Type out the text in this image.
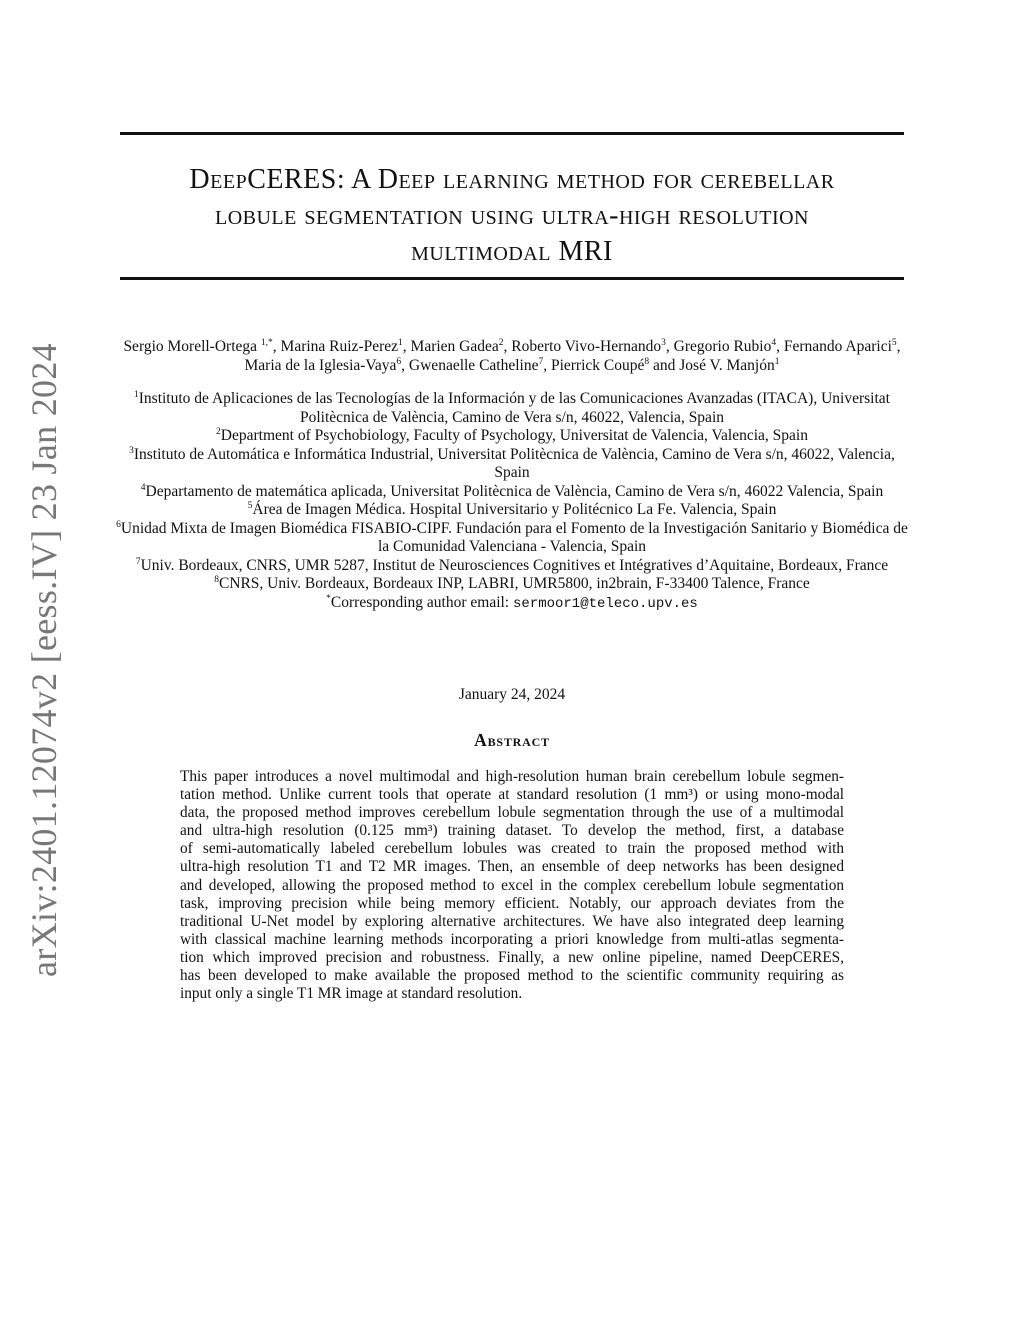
DeepCERES: A Deep learning method for cerebellar
lobule segmentation using ultra-high resolution
multimodal MRI
arXiv:2401.12074v2 [eess.IV] 23 Jan 2024	Sergio Morell-Ortega $^{1,*}$, Marina Ruiz-Perez$^1$, Marien Gadea$^2$, Roberto Vivo-Hernando$^3$, Gregorio Rubio$^4$, Fernando Aparici$^5$, Maria de la Iglesia-Vaya$^6$, Gwenaelle Catheline$^7$, Pierrick Coupé$^8$ and José V. Manjón$^1$

$^1$Instituto de Aplicaciones de las Tecnologías de la Información y de las Comunicaciones Avanzadas (ITACA), Universitat Politècnica de València, Camino de Vera s/n, 46022, Valencia, Spain

$^2$Department of Psychobiology, Faculty of Psychology, Universitat de Valencia, Valencia, Spain

$^3$Instituto de Automática e Informática Industrial, Universitat Politècnica de València, Camino de Vera s/n, 46022, Valencia, Spain

$^4$Departamento de matemática aplicada, Universitat Politècnica de València, Camino de Vera s/n, 46022 Valencia, Spain

$^5$Área de Imagen Médica. Hospital Universitario y Politécnico La Fe. Valencia, Spain

$^6$Unidad Mixta de Imagen Biomédica FISABIO-CIPF. Fundación para el Fomento de la Investigación Sanitario y Biomédica de la Comunidad Valenciana - Valencia, Spain

$^7$Univ. Bordeaux, CNRS, UMR 5287, Institut de Neurosciences Cognitives et Intégratives d’Aquitaine, Bordeaux, France

$^8$CNRS, Univ. Bordeaux, Bordeaux INP, LABRI, UMR5800, in2brain, F-33400 Talence, France

*Corresponding author email: sermoor1@teleco.upv.es

January 24, 2024
Abstract
This paper introduces a novel multimodal and high-resolution human brain cerebellum lobule segmen-
tation method. Unlike current tools that operate at standard resolution (1 mm³) or using mono-modal
data, the proposed method improves cerebellum lobule segmentation through the use of a multimodal
and ultra-high resolution (0.125 mm³) training dataset. To develop the method, first, a database
of semi-automatically labeled cerebellum lobules was created to train the proposed method with
ultra-high resolution T1 and T2 MR images. Then, an ensemble of deep networks has been designed
and developed, allowing the proposed method to excel in the complex cerebellum lobule segmentation
task, improving precision while being memory efficient. Notably, our approach deviates from the
traditional U-Net model by exploring alternative architectures. We have also integrated deep learning
with classical machine learning methods incorporating a priori knowledge from multi-atlas segmenta-
tion which improved precision and robustness. Finally, a new online pipeline, named DeepCERES,
has been developed to make available the proposed method to the scientific community requiring as
input only a single T1 MR image at standard resolution.
